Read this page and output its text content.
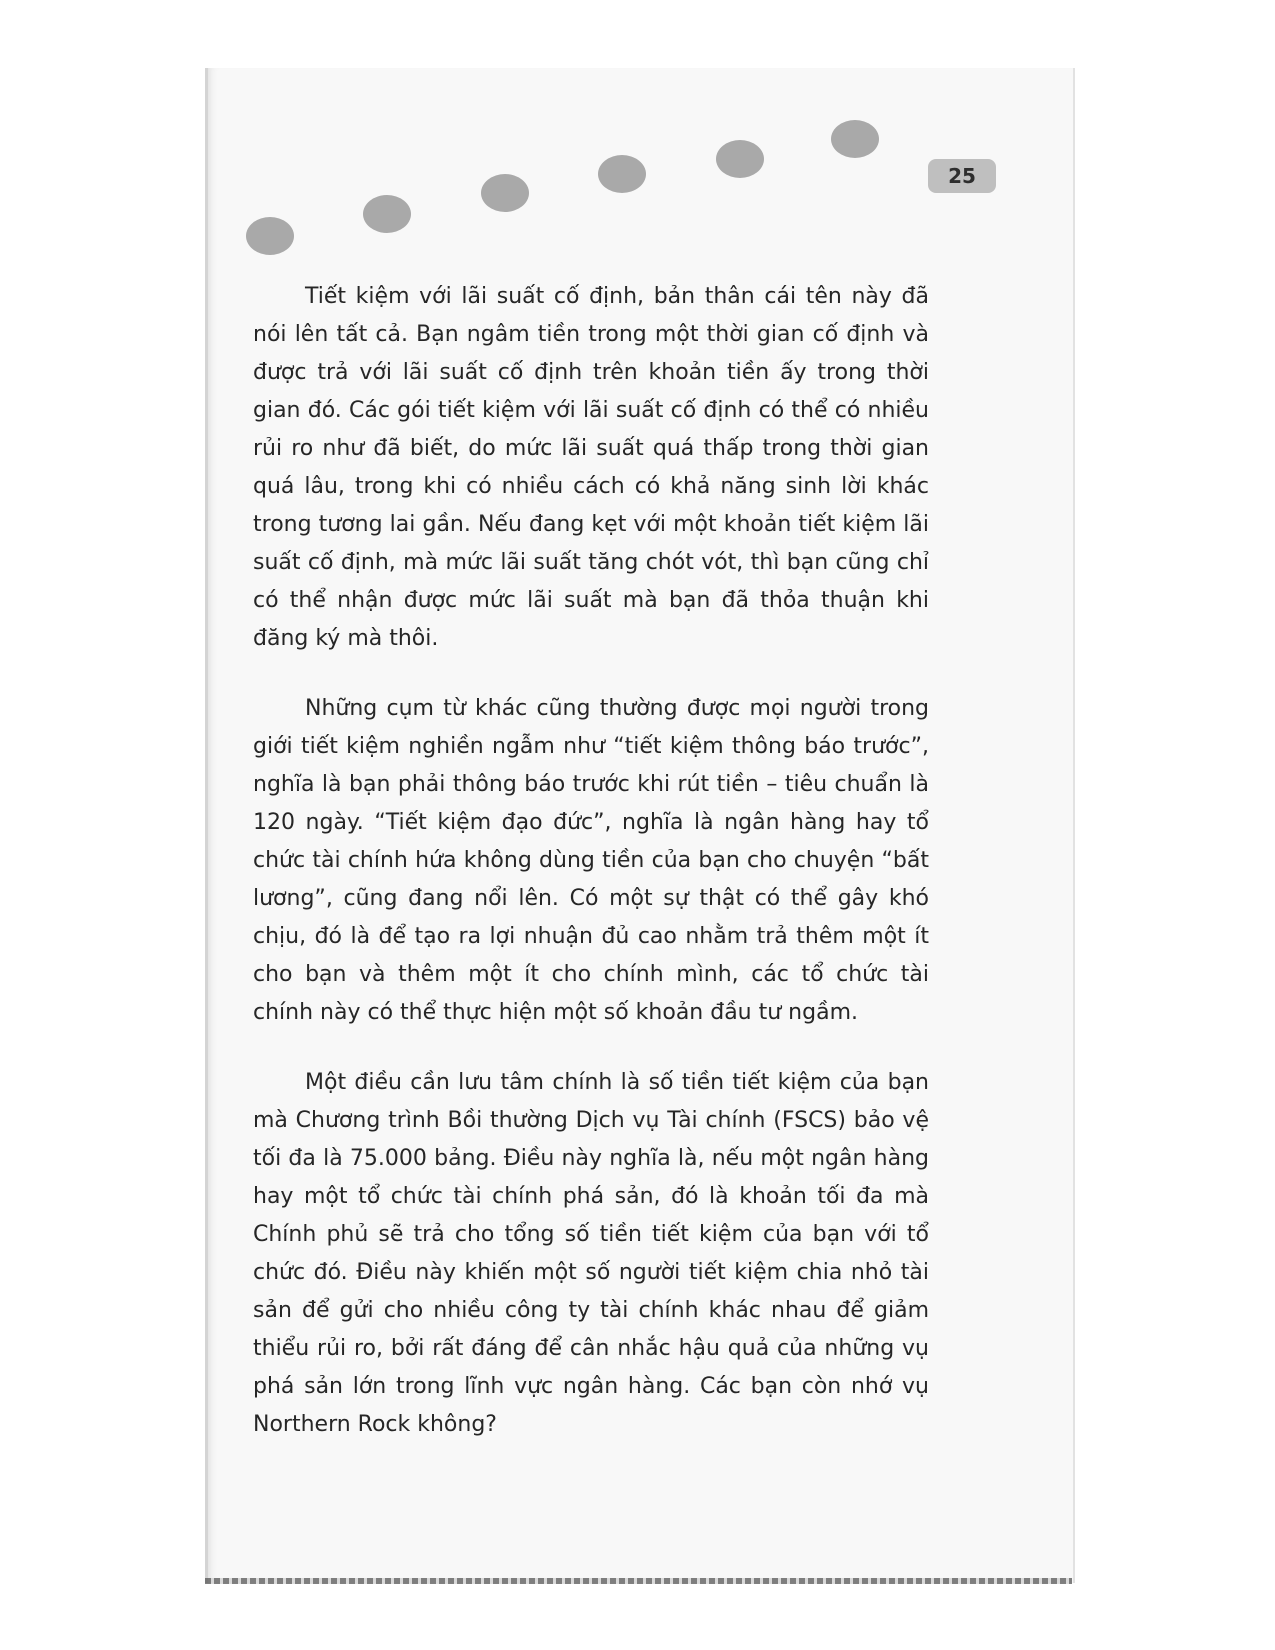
25

Tiết kiệm với lãi suất cố định, bản thân cái tên này đã nói lên tất cả. Bạn ngâm tiền trong một thời gian cố định và được trả với lãi suất cố định trên khoản tiền ấy trong thời gian đó. Các gói tiết kiệm với lãi suất cố định có thể có nhiều rủi ro như đã biết, do mức lãi suất quá thấp trong thời gian quá lâu, trong khi có nhiều cách có khả năng sinh lời khác trong tương lai gần. Nếu đang kẹt với một khoản tiết kiệm lãi suất cố định, mà mức lãi suất tăng chót vót, thì bạn cũng chỉ có thể nhận được mức lãi suất mà bạn đã thỏa thuận khi đăng ký mà thôi.

Những cụm từ khác cũng thường được mọi người trong giới tiết kiệm nghiền ngẫm như “tiết kiệm thông báo trước”, nghĩa là bạn phải thông báo trước khi rút tiền – tiêu chuẩn là 120 ngày. “Tiết kiệm đạo đức”, nghĩa là ngân hàng hay tổ chức tài chính hứa không dùng tiền của bạn cho chuyện “bất lương”, cũng đang nổi lên. Có một sự thật có thể gây khó chịu, đó là để tạo ra lợi nhuận đủ cao nhằm trả thêm một ít cho bạn và thêm một ít cho chính mình, các tổ chức tài chính này có thể thực hiện một số khoản đầu tư ngầm.

Một điều cần lưu tâm chính là số tiền tiết kiệm của bạn mà Chương trình Bồi thường Dịch vụ Tài chính (FSCS) bảo vệ tối đa là 75.000 bảng. Điều này nghĩa là, nếu một ngân hàng hay một tổ chức tài chính phá sản, đó là khoản tối đa mà Chính phủ sẽ trả cho tổng số tiền tiết kiệm của bạn với tổ chức đó. Điều này khiến một số người tiết kiệm chia nhỏ tài sản để gửi cho nhiều công ty tài chính khác nhau để giảm thiểu rủi ro, bởi rất đáng để cân nhắc hậu quả của những vụ phá sản lớn trong lĩnh vực ngân hàng. Các bạn còn nhớ vụ Northern Rock không?
